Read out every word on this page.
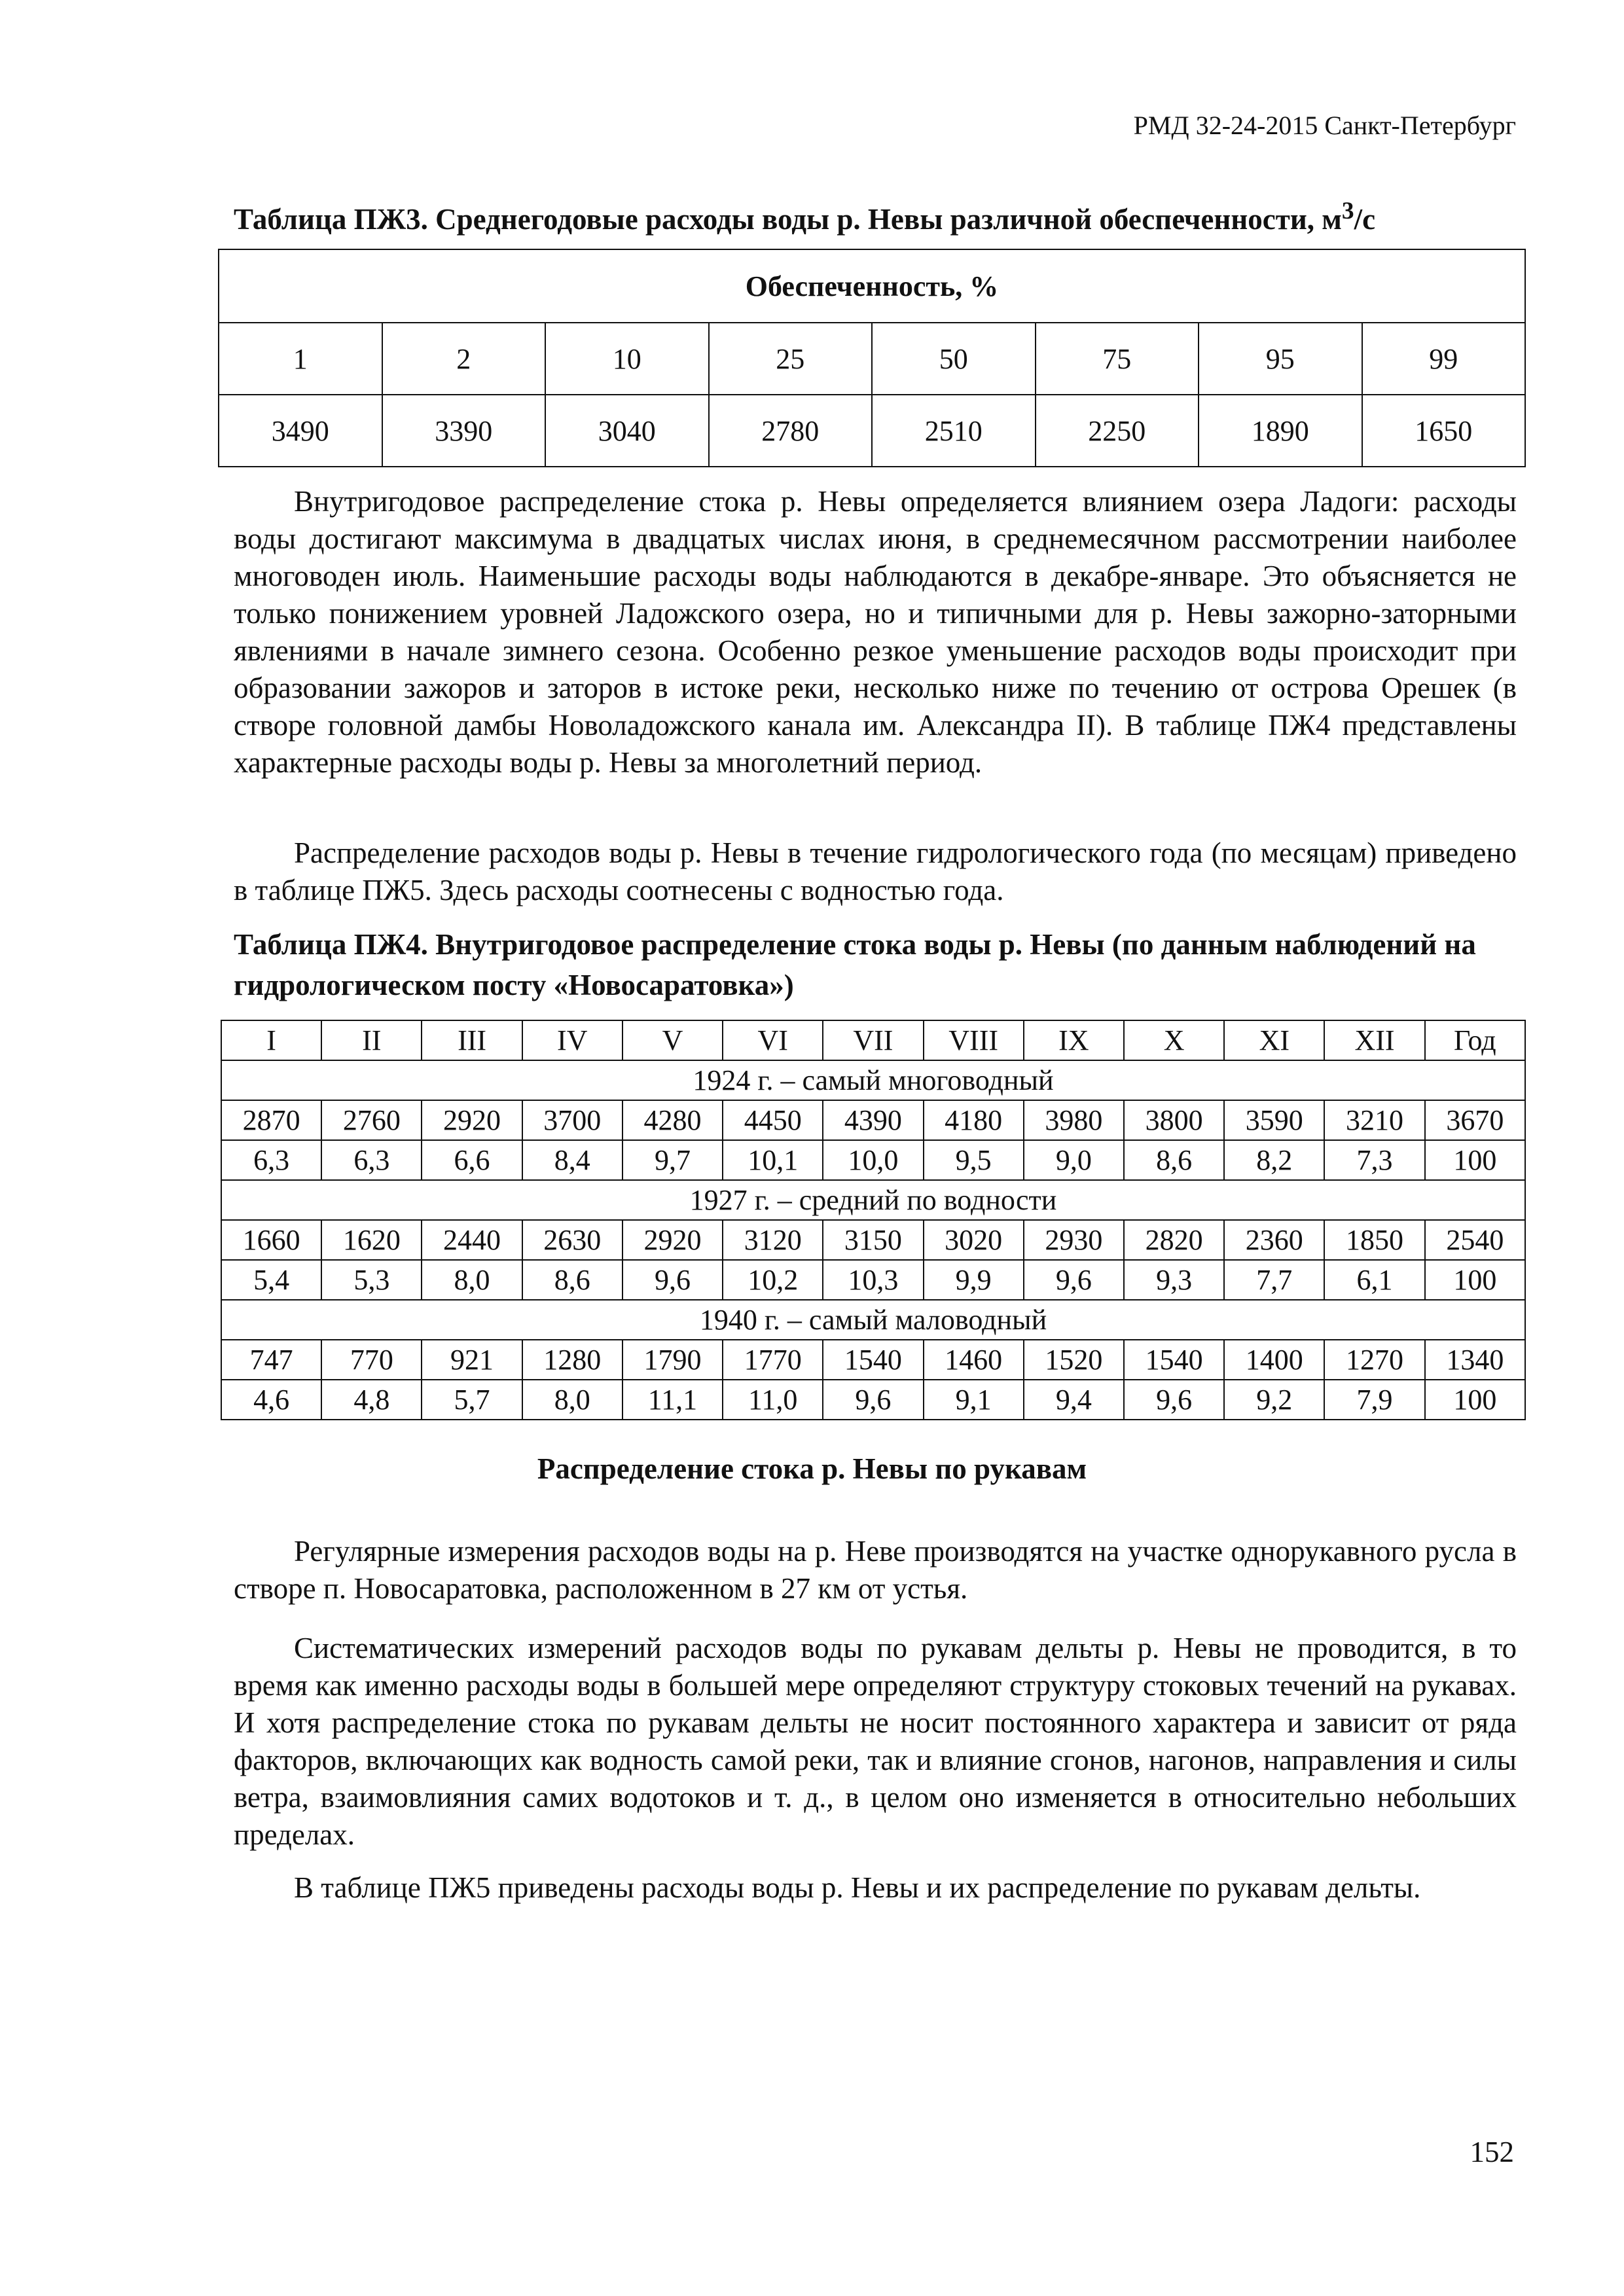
РМД 32-24-2015 Санкт-Петербург
Таблица ПЖ3. Среднегодовые расходы воды р. Невы различной обеспеченности, $м^3/с$
Обеспеченность, %							
1	2	10	25	50	75	95	99
3490	3390	3040	2780	2510	2250	1890	1650
Внутригодовое распределение стока р. Невы определяется влиянием озера Ладоги: расходы воды достигают максимума в двадцатых числах июня, в среднемесячном рассмотрении наиболее многоводен июль. Наименьшие расходы воды наблюдаются в декабре-январе. Это объясняется не только понижением уровней Ладожского озера, но и типичными для р. Невы зажорно-заторными явлениями в начале зимнего сезона. Особенно резкое уменьшение расходов воды происходит при образовании зажоров и заторов в истоке реки, несколько ниже по течению от острова Орешек (в створе головной дамбы Новоладожского канала им. Александра II). В таблице ПЖ4 представлены характерные расходы воды р. Невы за многолетний период.
Распределение расходов воды р. Невы в течение гидрологического года (по месяцам) приведено в таблице ПЖ5. Здесь расходы соотнесены с водностью года.
Таблица ПЖ4. Внутригодовое распределение стока воды р. Невы (по данным наблюдений на гидрологическом посту «Новосаратовка»)
I	II	III	IV	V	VI	VII	VIII	IX	X	XI	XII	Год
1924 г. – самый многоводный												
2870	2760	2920	3700	4280	4450	4390	4180	3980	3800	3590	3210	3670
6,3	6,3	6,6	8,4	9,7	10,1	10,0	9,5	9,0	8,6	8,2	7,3	100
1927 г. – средний по водности												
1660	1620	2440	2630	2920	3120	3150	3020	2930	2820	2360	1850	2540
5,4	5,3	8,0	8,6	9,6	10,2	10,3	9,9	9,6	9,3	7,7	6,1	100
1940 г. – самый маловодный												
747	770	921	1280	1790	1770	1540	1460	1520	1540	1400	1270	1340
4,6	4,8	5,7	8,0	11,1	11,0	9,6	9,1	9,4	9,6	9,2	7,9	100
Распределение стока р. Невы по рукавам
Регулярные измерения расходов воды на р. Неве производятся на участке однорукавного русла в створе п. Новосаратовка, расположенном в 27 км от устья.
Систематических измерений расходов воды по рукавам дельты р. Невы не проводится, в то время как именно расходы воды в большей мере определяют структуру стоковых течений на рукавах. И хотя распределение стока по рукавам дельты не носит постоянного характера и зависит от ряда факторов, включающих как водность самой реки, так и влияние сгонов, нагонов, направления и силы ветра, взаимовлияния самих водотоков и т. д., в целом оно изменяется в относительно небольших пределах.
В таблице ПЖ5 приведены расходы воды р. Невы и их распределение по рукавам дельты.
152
